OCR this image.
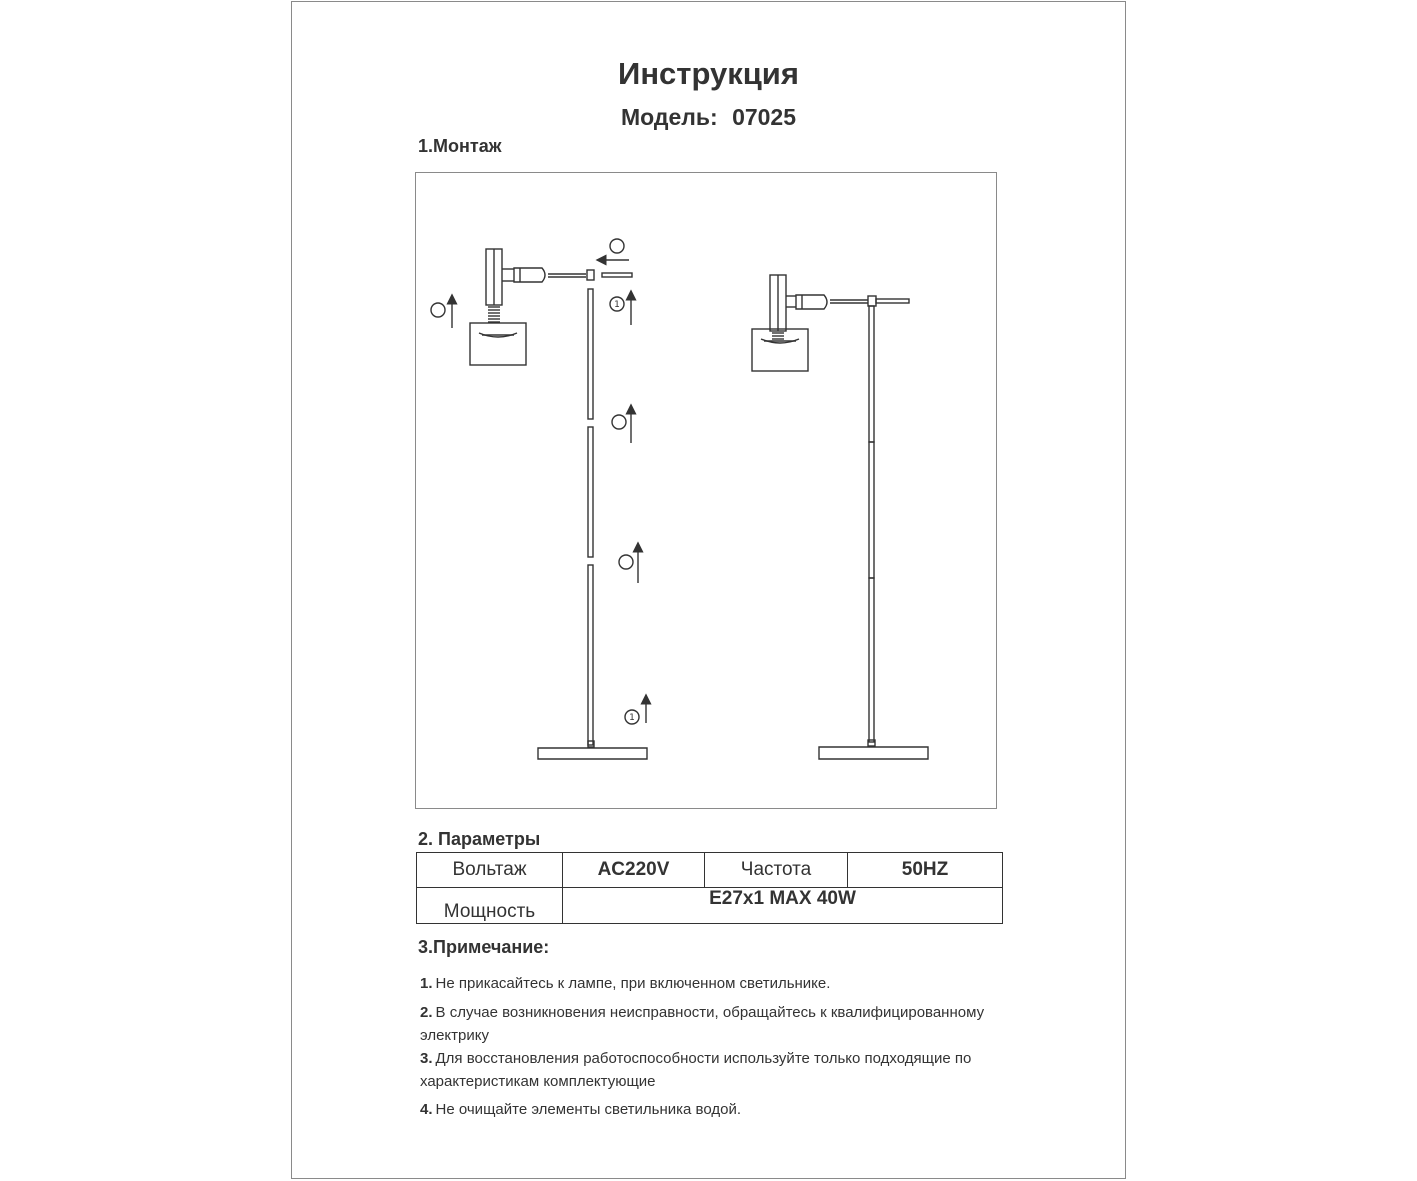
Инструкция
Модель: 07025
1.Монтаж
1
1
2. Параметры
Вольтаж	AC220V	Частота	50HZ
Мощность	E27x1 MAX 40W		
3.Примечание:
1. Не прикасайтесь к лампе, при включенном светильнике.
2. В случае возникновения неисправности, обращайтесь к квалифицированному электрику
3. Для восстановления работоспособности используйте только подходящие по характеристикам комплектующие
4. Не очищайте элементы светильника водой.
